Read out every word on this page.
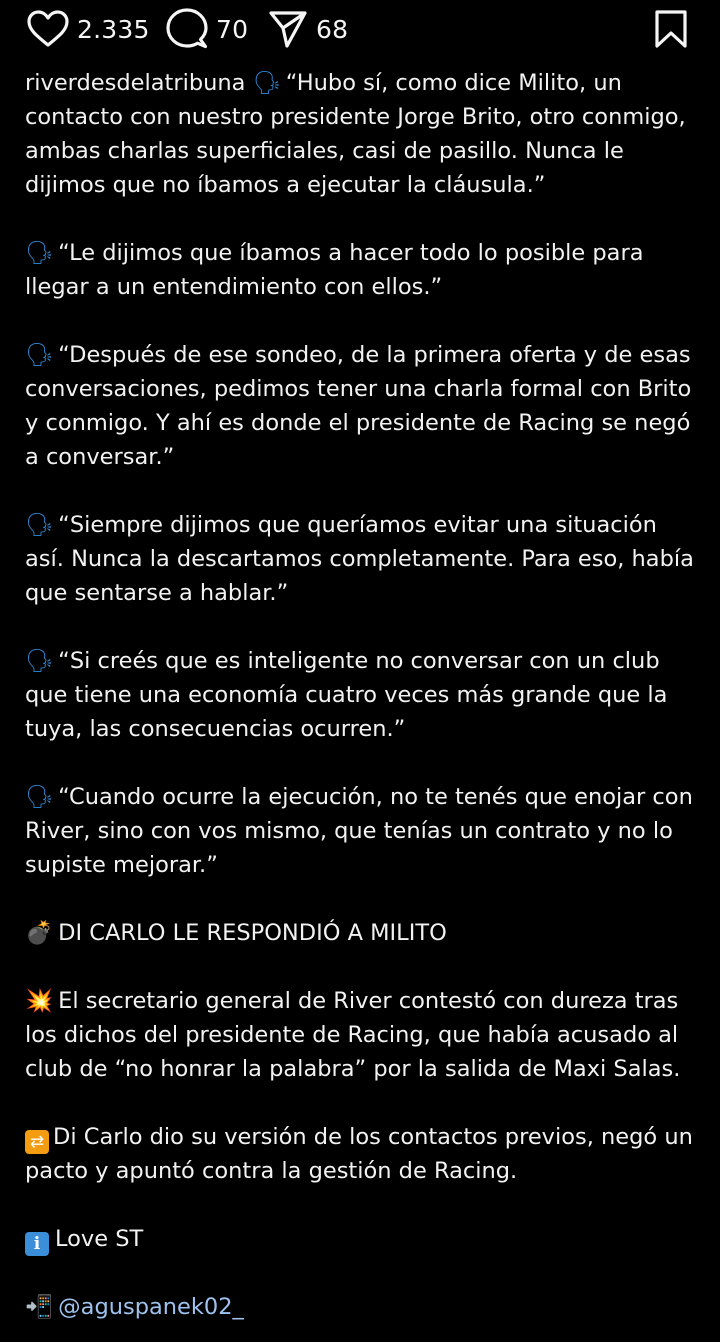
2.335	70	68

riverdesdelatribuna 🗣 “Hubo sí, como dice Milito, un contacto con nuestro presidente Jorge Brito, otro conmigo, ambas charlas superficiales, casi de pasillo. Nunca le dijimos que no íbamos a ejecutar la cláusula.”

🗣 “Le dijimos que íbamos a hacer todo lo posible para llegar a un entendimiento con ellos.”

🗣 “Después de ese sondeo, de la primera oferta y de esas conversaciones, pedimos tener una charla formal con Brito y conmigo. Y ahí es donde el presidente de Racing se negó a conversar.”

🗣 “Siempre dijimos que queríamos evitar una situación así. Nunca la descartamos completamente. Para eso, había que sentarse a hablar.”

🗣 “Si creés que es inteligente no conversar con un club que tiene una economía cuatro veces más grande que la tuya, las consecuencias ocurren.”

🗣 “Cuando ocurre la ejecución, no te tenés que enojar con River, sino con vos mismo, que tenías un contrato y no lo supiste mejorar.”

💣 DI CARLO LE RESPONDIÓ A MILITO

💥 El secretario general de River contestó con dureza tras los dichos del presidente de Racing, que había acusado al club de “no honrar la palabra” por la salida de Maxi Salas.

⇄ Di Carlo dio su versión de los contactos previos, negó un pacto y apuntó contra la gestión de Racing.

i Love ST

📲 @aguspanek02_
